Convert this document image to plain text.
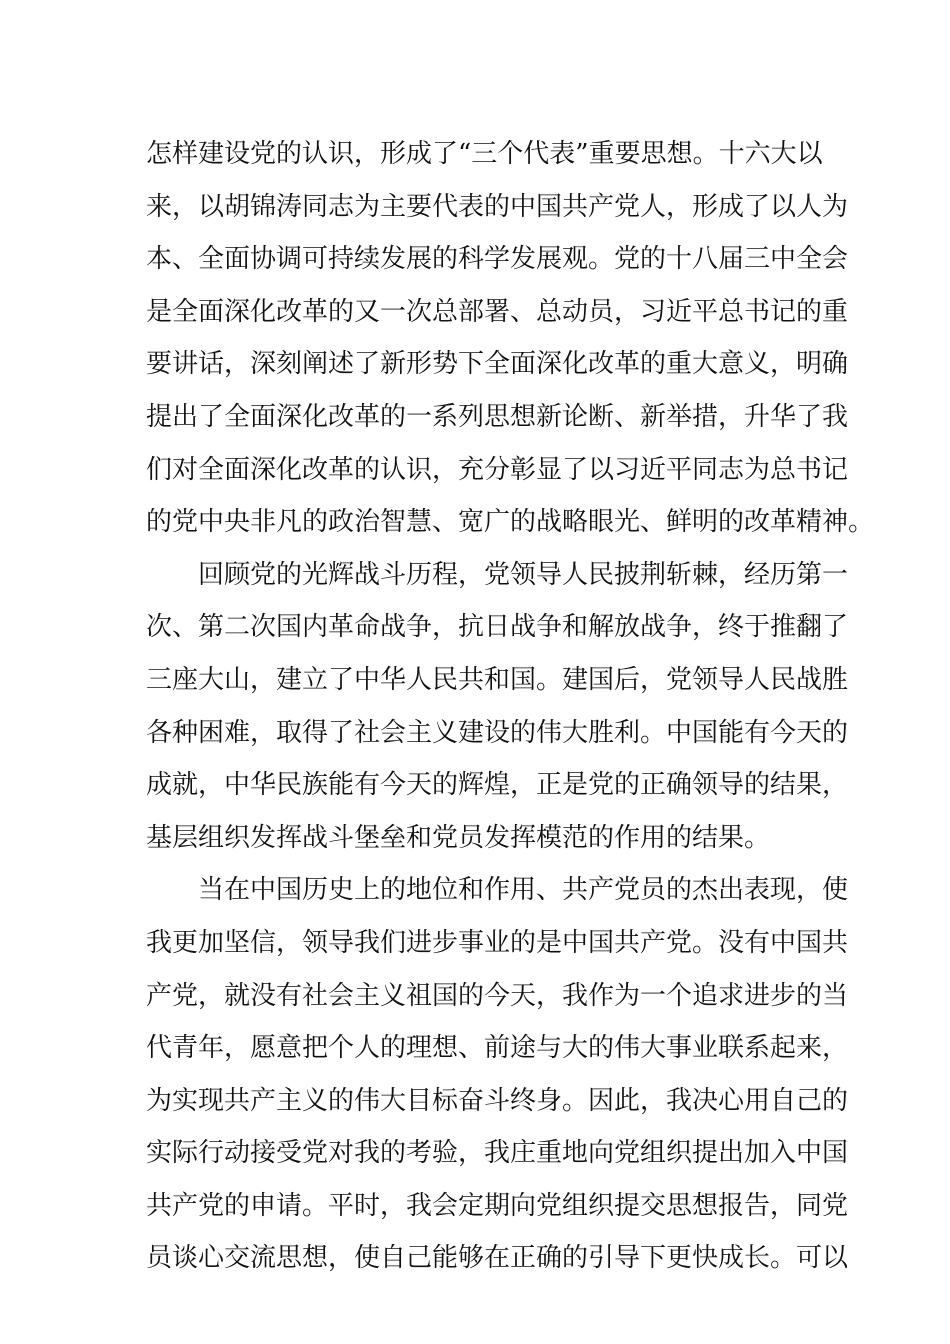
怎样建设党的认识，形成了“三个代表”重要思想。十六大以
来，以胡锦涛同志为主要代表的中国共产党人，形成了以人为
本、全面协调可持续发展的科学发展观。党的十八届三中全会
是全面深化改革的又一次总部署、总动员，习近平总书记的重
要讲话，深刻阐述了新形势下全面深化改革的重大意义，明确
提出了全面深化改革的一系列思想新论断、新举措，升华了我
们对全面深化改革的认识，充分彰显了以习近平同志为总书记
的党中央非凡的政治智慧、宽广的战略眼光、鲜明的改革精神。
回顾党的光辉战斗历程，党领导人民披荆斩棘，经历第一
次、第二次国内革命战争，抗日战争和解放战争，终于推翻了
三座大山，建立了中华人民共和国。建国后，党领导人民战胜
各种困难，取得了社会主义建设的伟大胜利。中国能有今天的
成就，中华民族能有今天的辉煌，正是党的正确领导的结果，
基层组织发挥战斗堡垒和党员发挥模范的作用的结果。
当在中国历史上的地位和作用、共产党员的杰出表现，使
我更加坚信，领导我们进步事业的是中国共产党。没有中国共
产党，就没有社会主义祖国的今天，我作为一个追求进步的当
代青年，愿意把个人的理想、前途与大的伟大事业联系起来，
为实现共产主义的伟大目标奋斗终身。因此，我决心用自己的
实际行动接受党对我的考验，我庄重地向党组织提出加入中国
共产党的申请。平时，我会定期向党组织提交思想报告，同党
员谈心交流思想，使自己能够在正确的引导下更快成长。可以
